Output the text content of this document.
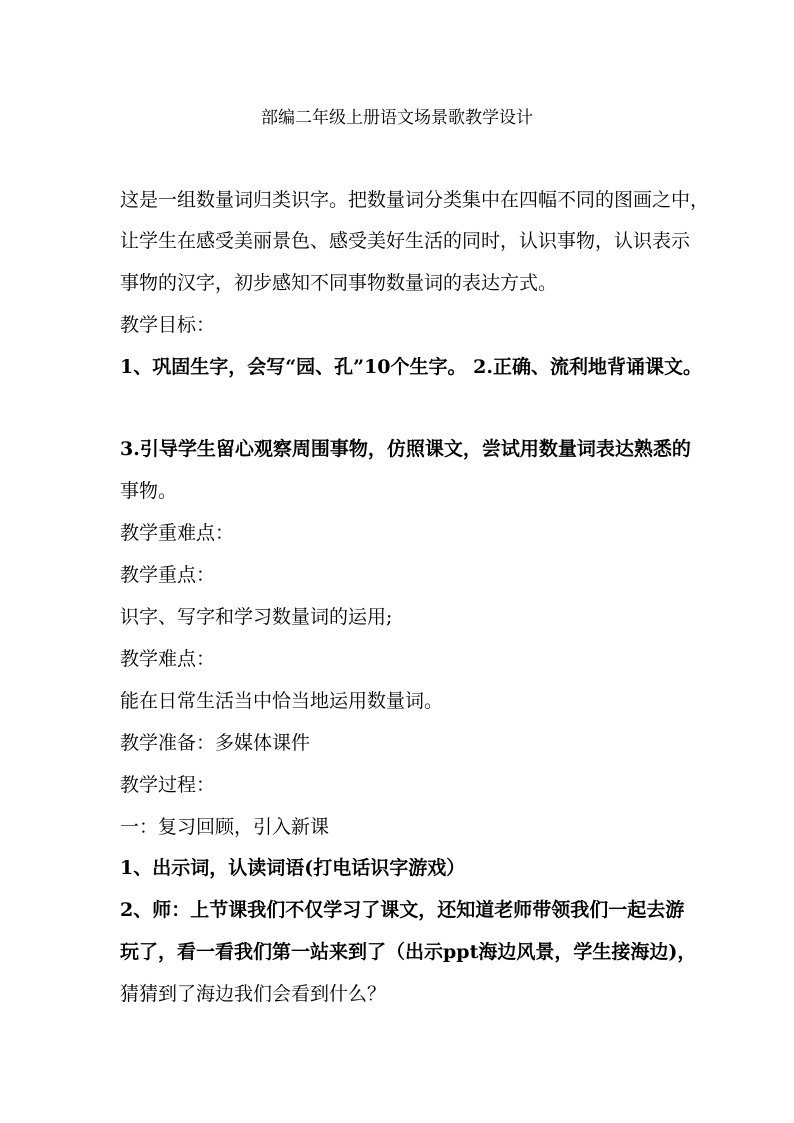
部编二年级上册语文场景歌教学设计
这是一组数量词归类识字。把数量词分类集中在四幅不同的图画之中，
让学生在感受美丽景色、感受美好生活的同时，认识事物，认识表示
事物的汉字，初步感知不同事物数量词的表达方式。
教学目标：
1、巩固生字，会写“园、孔”10个生字。 2.正确、流利地背诵课文。
3.引导学生留心观察周围事物，仿照课文，尝试用数量词表达熟悉的
事物。
教学重难点：
教学重点：
识字、写字和学习数量词的运用;
教学难点：
能在日常生活当中恰当地运用数量词。
教学准备：多媒体课件
教学过程：
一：复习回顾，引入新课
1、出示词，认读词语(打电话识字游戏）
2、师：上节课我们不仅学习了课文，还知道老师带领我们一起去游
玩了，看一看我们第一站来到了（出示ppt海边风景，学生接海边)，
猜猜到了海边我们会看到什么？
